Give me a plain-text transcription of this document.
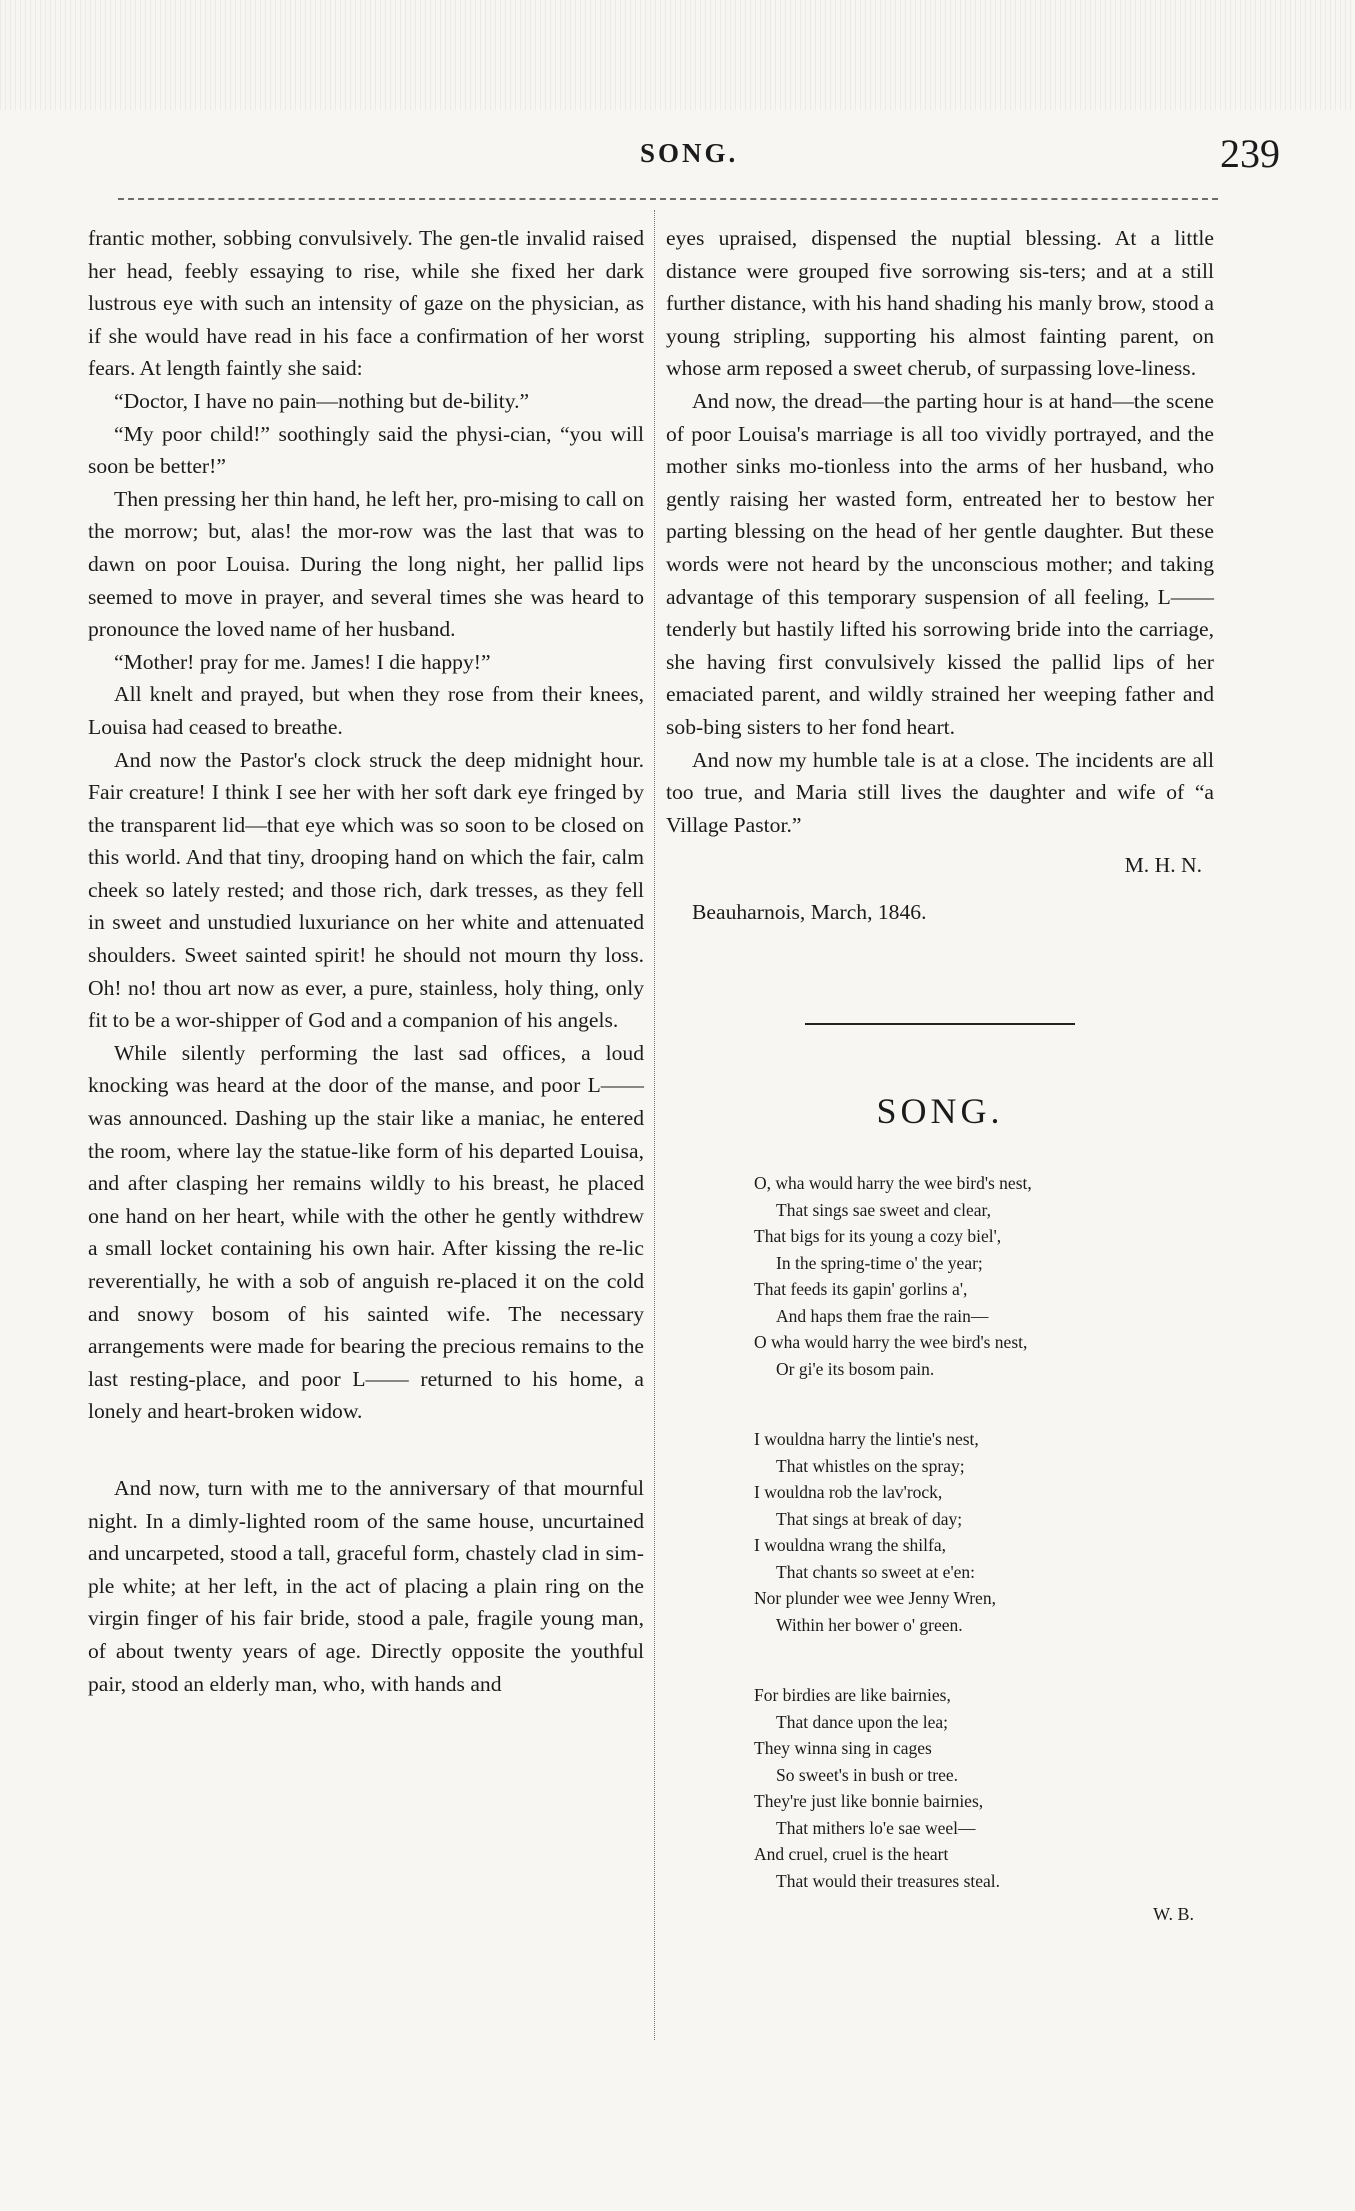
SONG.	239

frantic mother, sobbing convulsively. The gen-tle invalid raised her head, feebly essaying to rise, while she fixed her dark lustrous eye with such an intensity of gaze on the physician, as if she would have read in his face a confirmation of her worst fears. At length faintly she said:

“Doctor, I have no pain—nothing but de-bility.”

“My poor child!” soothingly said the physi-cian, “you will soon be better!”

Then pressing her thin hand, he left her, pro-mising to call on the morrow; but, alas! the mor-row was the last that was to dawn on poor Louisa. During the long night, her pallid lips seemed to move in prayer, and several times she was heard to pronounce the loved name of her husband.

“Mother! pray for me. James! I die happy!”

All knelt and prayed, but when they rose from their knees, Louisa had ceased to breathe.

And now the Pastor's clock struck the deep midnight hour. Fair creature! I think I see her with her soft dark eye fringed by the transparent lid—that eye which was so soon to be closed on this world. And that tiny, drooping hand on which the fair, calm cheek so lately rested; and those rich, dark tresses, as they fell in sweet and unstudied luxuriance on her white and attenuated shoulders. Sweet sainted spirit! he should not mourn thy loss. Oh! no! thou art now as ever, a pure, stainless, holy thing, only fit to be a wor-shipper of God and a companion of his angels.

While silently performing the last sad offices, a loud knocking was heard at the door of the manse, and poor L—— was announced. Dashing up the stair like a maniac, he entered the room, where lay the statue-like form of his departed Louisa, and after clasping her remains wildly to his breast, he placed one hand on her heart, while with the other he gently withdrew a small locket containing his own hair. After kissing the re-lic reverentially, he with a sob of anguish re-placed it on the cold and snowy bosom of his sainted wife. The necessary arrangements were made for bearing the precious remains to the last resting-place, and poor L—— returned to his home, a lonely and heart-broken widow.

And now, turn with me to the anniversary of that mournful night. In a dimly-lighted room of the same house, uncurtained and uncarpeted, stood a tall, graceful form, chastely clad in sim-ple white; at her left, in the act of placing a plain ring on the virgin finger of his fair bride, stood a pale, fragile young man, of about twenty years of age. Directly opposite the youthful pair, stood an elderly man, who, with hands and

eyes upraised, dispensed the nuptial blessing. At a little distance were grouped five sorrowing sis-ters; and at a still further distance, with his hand shading his manly brow, stood a young stripling, supporting his almost fainting parent, on whose arm reposed a sweet cherub, of surpassing love-liness.

And now, the dread—the parting hour is at hand—the scene of poor Louisa's marriage is all too vividly portrayed, and the mother sinks mo-tionless into the arms of her husband, who gently raising her wasted form, entreated her to bestow her parting blessing on the head of her gentle daughter. But these words were not heard by the unconscious mother; and taking advantage of this temporary suspension of all feeling, L—— tenderly but hastily lifted his sorrowing bride into the carriage, she having first convulsively kissed the pallid lips of her emaciated parent, and wildly strained her weeping father and sob-bing sisters to her fond heart.

And now my humble tale is at a close. The incidents are all too true, and Maria still lives the daughter and wife of “a Village Pastor.”

M. H. N.
Beauharnois, March, 1846.
SONG.
O, wha would harry the wee bird's nest,
That sings sae sweet and clear,
That bigs for its young a cozy biel',
In the spring-time o' the year;
That feeds its gapin' gorlins a',
And haps them frae the rain—
O wha would harry the wee bird's nest,
Or gi'e its bosom pain.
I wouldna harry the lintie's nest,
That whistles on the spray;
I wouldna rob the lav'rock,
That sings at break of day;
I wouldna wrang the shilfa,
That chants so sweet at e'en:
Nor plunder wee wee Jenny Wren,
Within her bower o' green.
For birdies are like bairnies,
That dance upon the lea;
They winna sing in cages
So sweet's in bush or tree.
They're just like bonnie bairnies,
That mithers lo'e sae weel—
And cruel, cruel is the heart
That would their treasures steal.
W. B.
